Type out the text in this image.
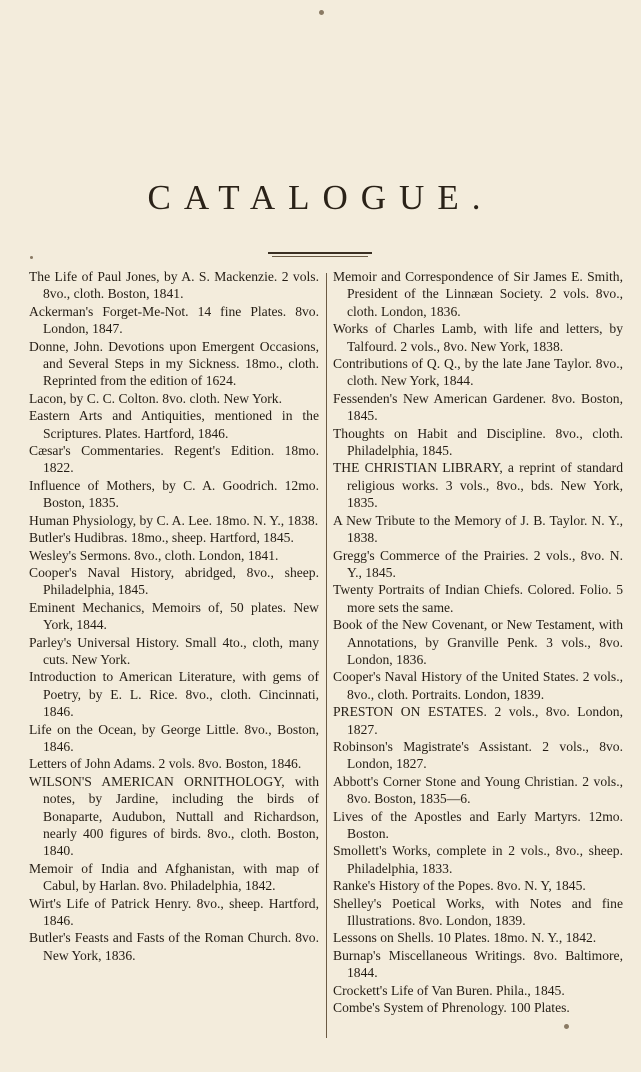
CATALOGUE.

The Life of Paul Jones, by A. S. Mackenzie. 2 vols. 8vo., cloth. Boston, 1841.

Ackerman's Forget-Me-Not. 14 fine Plates. 8vo. London, 1847.

Donne, John. Devotions upon Emergent Occasions, and Several Steps in my Sickness. 18mo., cloth. Reprinted from the edition of 1624.

Lacon, by C. C. Colton. 8vo. cloth. New York.

Eastern Arts and Antiquities, mentioned in the Scriptures. Plates. Hartford, 1846.

Cæsar's Commentaries. Regent's Edition. 18mo. 1822.

Influence of Mothers, by C. A. Goodrich. 12mo. Boston, 1835.

Human Physiology, by C. A. Lee. 18mo. N. Y., 1838.

Butler's Hudibras. 18mo., sheep. Hartford, 1845.

Wesley's Sermons. 8vo., cloth. London, 1841.

Cooper's Naval History, abridged, 8vo., sheep. Philadelphia, 1845.

Eminent Mechanics, Memoirs of, 50 plates. New York, 1844.

Parley's Universal History. Small 4to., cloth, many cuts. New York.

Introduction to American Literature, with gems of Poetry, by E. L. Rice. 8vo., cloth. Cincinnati, 1846.

Life on the Ocean, by George Little. 8vo., Boston, 1846.

Letters of John Adams. 2 vols. 8vo. Boston, 1846.

WILSON'S AMERICAN ORNITHOLOGY, with notes, by Jardine, including the birds of Bonaparte, Audubon, Nuttall and Richardson, nearly 400 figures of birds. 8vo., cloth. Boston, 1840.

Memoir of India and Afghanistan, with map of Cabul, by Harlan. 8vo. Philadelphia, 1842.

Wirt's Life of Patrick Henry. 8vo., sheep. Hartford, 1846.

Butler's Feasts and Fasts of the Roman Church. 8vo. New York, 1836.

Memoir and Correspondence of Sir James E. Smith, President of the Linnæan Society. 2 vols. 8vo., cloth. London, 1836.

Works of Charles Lamb, with life and letters, by Talfourd. 2 vols., 8vo. New York, 1838.

Contributions of Q. Q., by the late Jane Taylor. 8vo., cloth. New York, 1844.

Fessenden's New American Gardener. 8vo. Boston, 1845.

Thoughts on Habit and Discipline. 8vo., cloth. Philadelphia, 1845.

THE CHRISTIAN LIBRARY, a reprint of standard religious works. 3 vols., 8vo., bds. New York, 1835.

A New Tribute to the Memory of J. B. Taylor. N. Y., 1838.

Gregg's Commerce of the Prairies. 2 vols., 8vo. N. Y., 1845.

Twenty Portraits of Indian Chiefs. Colored. Folio. 5 more sets the same.

Book of the New Covenant, or New Testament, with Annotations, by Granville Penk. 3 vols., 8vo. London, 1836.

Cooper's Naval History of the United States. 2 vols., 8vo., cloth. Portraits. London, 1839.

PRESTON ON ESTATES. 2 vols., 8vo. London, 1827.

Robinson's Magistrate's Assistant. 2 vols., 8vo. London, 1827.

Abbott's Corner Stone and Young Christian. 2 vols., 8vo. Boston, 1835—6.

Lives of the Apostles and Early Martyrs. 12mo. Boston.

Smollett's Works, complete in 2 vols., 8vo., sheep. Philadelphia, 1833.

Ranke's History of the Popes. 8vo. N. Y, 1845.

Shelley's Poetical Works, with Notes and fine Illustrations. 8vo. London, 1839.

Lessons on Shells. 10 Plates. 18mo. N. Y., 1842.

Burnap's Miscellaneous Writings. 8vo. Baltimore, 1844.

Crockett's Life of Van Buren. Phila., 1845.

Combe's System of Phrenology. 100 Plates.
